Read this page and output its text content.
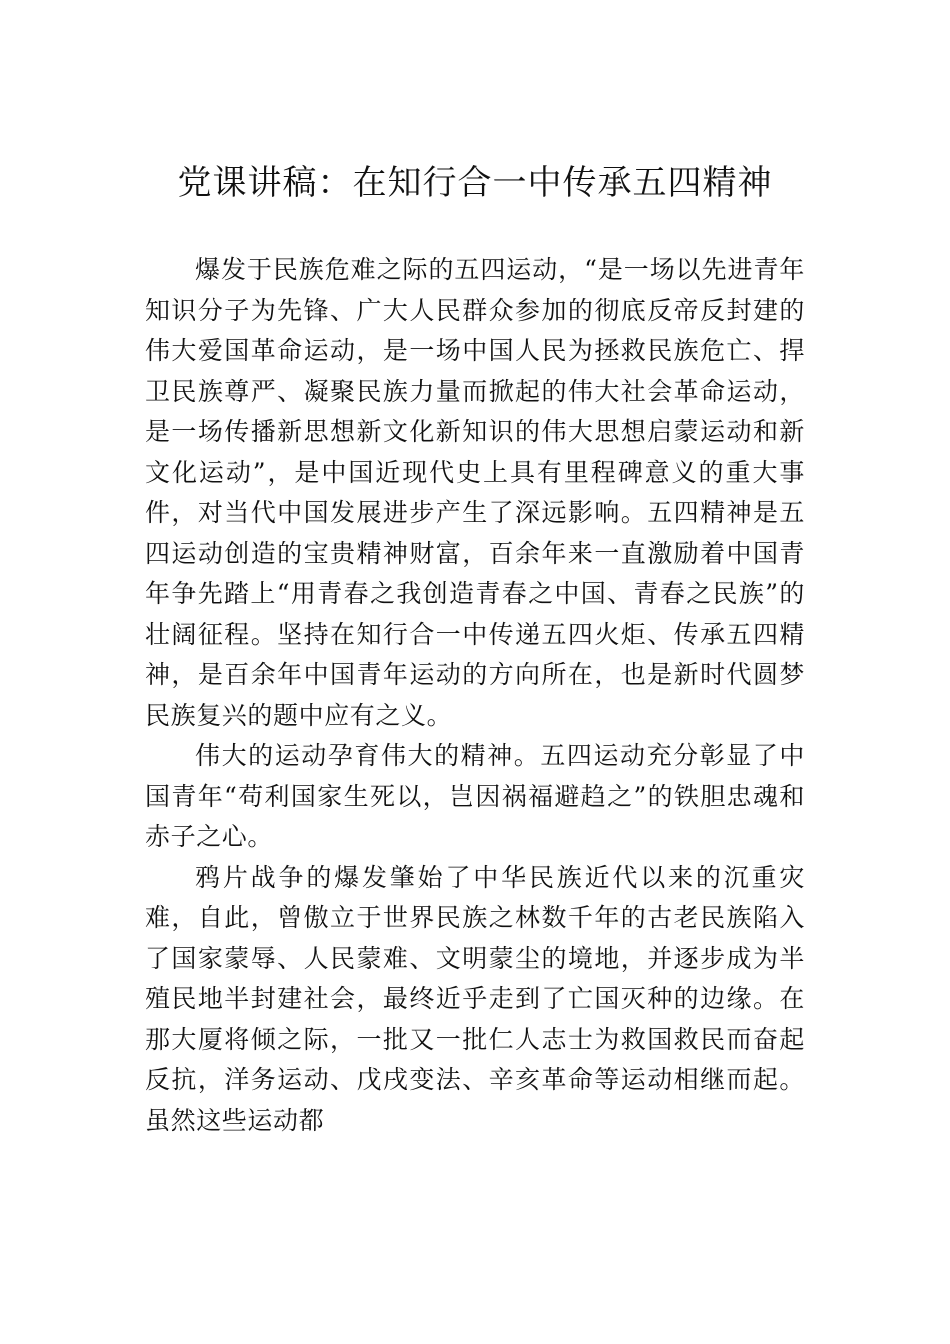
党课讲稿：在知行合一中传承五四精神

爆发于民族危难之际的五四运动，“是一场以先进青年知识分子为先锋、广大人民群众参加的彻底反帝反封建的伟大爱国革命运动，是一场中国人民为拯救民族危亡、捍卫民族尊严、凝聚民族力量而掀起的伟大社会革命运动，是一场传播新思想新文化新知识的伟大思想启蒙运动和新文化运动”，是中国近现代史上具有里程碑意义的重大事件，对当代中国发展进步产生了深远影响。五四精神是五四运动创造的宝贵精神财富，百余年来一直激励着中国青年争先踏上“用青春之我创造青春之中国、青春之民族”的壮阔征程。坚持在知行合一中传递五四火炬、传承五四精神，是百余年中国青年运动的方向所在，也是新时代圆梦民族复兴的题中应有之义。

伟大的运动孕育伟大的精神。五四运动充分彰显了中国青年“苟利国家生死以，岂因祸福避趋之”的铁胆忠魂和赤子之心。

鸦片战争的爆发肇始了中华民族近代以来的沉重灾难，自此，曾傲立于世界民族之林数千年的古老民族陷入了国家蒙辱、人民蒙难、文明蒙尘的境地，并逐步成为半殖民地半封建社会，最终近乎走到了亡国灭种的边缘。在那大厦将倾之际，一批又一批仁人志士为救国救民而奋起反抗，洋务运动、戊戌变法、辛亥革命等运动相继而起。虽然这些运动都
